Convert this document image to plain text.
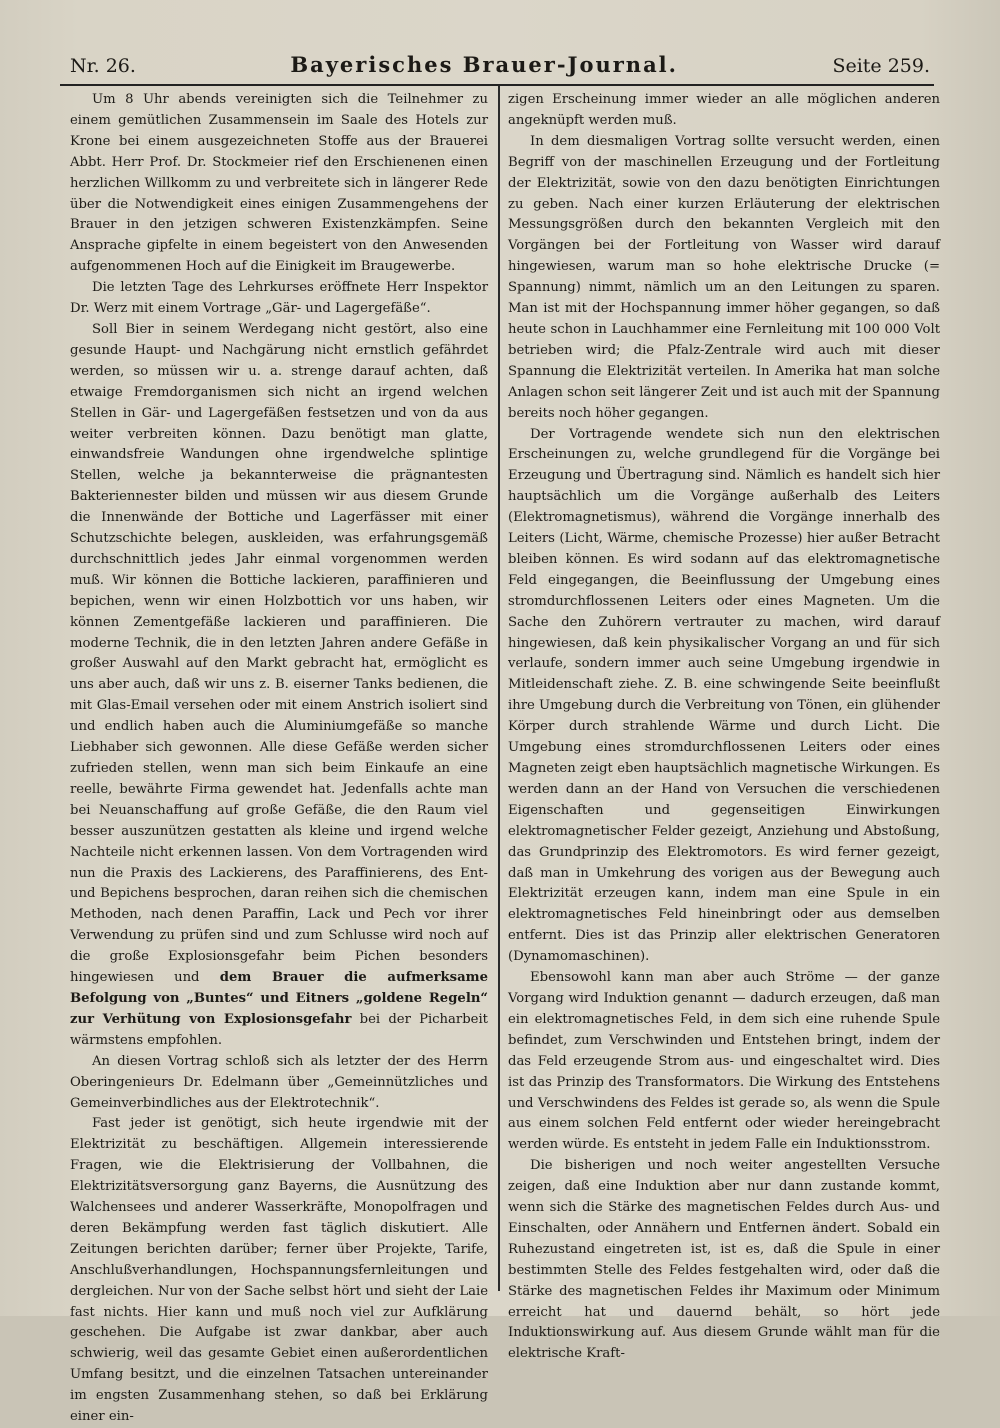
Nr. 26.	Bayerisches Brauer-Journal.	Seite 259.

Um 8 Uhr abends vereinigten sich die Teilnehmer zu einem gemütlichen Zusammensein im Saale des Hotels zur Krone bei einem ausgezeichneten Stoffe aus der Brauerei Abbt. Herr Prof. Dr. Stockmeier rief den Erschienenen einen herzlichen Willkomm zu und verbreitete sich in längerer Rede über die Notwendigkeit eines einigen Zusammengehens der Brauer in den jetzigen schweren Existenzkämpfen. Seine Ansprache gipfelte in einem begeistert von den Anwesenden aufgenommenen Hoch auf die Einigkeit im Braugewerbe.

Die letzten Tage des Lehrkurses eröffnete Herr Inspektor Dr. Werz mit einem Vortrage „Gär- und Lagergefäße“.

Soll Bier in seinem Werdegang nicht gestört, also eine gesunde Haupt- und Nachgärung nicht ernstlich gefährdet werden, so müssen wir u. a. strenge darauf achten, daß etwaige Fremdorganismen sich nicht an irgend welchen Stellen in Gär- und Lagergefäßen festsetzen und von da aus weiter verbreiten können. Dazu benötigt man glatte, einwandsfreie Wandungen ohne irgendwelche splintige Stellen, welche ja bekannterweise die prägnantesten Bakteriennester bilden und müssen wir aus diesem Grunde die Innenwände der Bottiche und Lagerfässer mit einer Schutzschichte belegen, auskleiden, was erfahrungsgemäß durchschnittlich jedes Jahr einmal vorgenommen werden muß. Wir können die Bottiche lackieren, paraffinieren und bepichen, wenn wir einen Holzbottich vor uns haben, wir können Zementgefäße lackieren und paraffinieren. Die moderne Technik, die in den letzten Jahren andere Gefäße in großer Auswahl auf den Markt gebracht hat, ermöglicht es uns aber auch, daß wir uns z. B. eiserner Tanks bedienen, die mit Glas-Email versehen oder mit einem Anstrich isoliert sind und endlich haben auch die Aluminiumgefäße so manche Liebhaber sich gewonnen. Alle diese Gefäße werden sicher zufrieden stellen, wenn man sich beim Einkaufe an eine reelle, bewährte Firma gewendet hat. Jedenfalls achte man bei Neuanschaffung auf große Gefäße, die den Raum viel besser auszunützen gestatten als kleine und irgend welche Nachteile nicht erkennen lassen. Von dem Vortragenden wird nun die Praxis des Lackierens, des Paraffinierens, des Ent- und Bepichens besprochen, daran reihen sich die chemischen Methoden, nach denen Paraffin, Lack und Pech vor ihrer Verwendung zu prüfen sind und zum Schlusse wird noch auf die große Explosionsgefahr beim Pichen besonders hingewiesen und dem Brauer die aufmerksame Befolgung von „Buntes“ und Eitners „goldene Regeln“ zur Verhütung von Explosionsgefahr bei der Picharbeit wärmstens empfohlen.

An diesen Vortrag schloß sich als letzter der des Herrn Oberingenieurs Dr. Edelmann über „Gemeinnützliches und Gemeinverbindliches aus der Elektrotechnik“.

Fast jeder ist genötigt, sich heute irgendwie mit der Elektrizität zu beschäftigen. Allgemein interessierende Fragen, wie die Elektrisierung der Vollbahnen, die Elektrizitätsversorgung ganz Bayerns, die Ausnützung des Walchensees und anderer Wasserkräfte, Monopolfragen und deren Bekämpfung werden fast täglich diskutiert. Alle Zeitungen berichten darüber; ferner über Projekte, Tarife, Anschlußverhandlungen, Hochspannungsfernleitungen und dergleichen. Nur von der Sache selbst hört und sieht der Laie fast nichts. Hier kann und muß noch viel zur Aufklärung geschehen. Die Aufgabe ist zwar dankbar, aber auch schwierig, weil das gesamte Gebiet einen außerordentlichen Umfang besitzt, und die einzelnen Tatsachen untereinander im engsten Zusammenhang stehen, so daß bei Erklärung einer ein-

zigen Erscheinung immer wieder an alle möglichen anderen angeknüpft werden muß.

In dem diesmaligen Vortrag sollte versucht werden, einen Begriff von der maschinellen Erzeugung und der Fortleitung der Elektrizität, sowie von den dazu benötigten Einrichtungen zu geben. Nach einer kurzen Erläuterung der elektrischen Messungsgrößen durch den bekannten Vergleich mit den Vorgängen bei der Fortleitung von Wasser wird darauf hingewiesen, warum man so hohe elektrische Drucke (= Spannung) nimmt, nämlich um an den Leitungen zu sparen. Man ist mit der Hochspannung immer höher gegangen, so daß heute schon in Lauchhammer eine Fernleitung mit 100 000 Volt betrieben wird; die Pfalz-Zentrale wird auch mit dieser Spannung die Elektrizität verteilen. In Amerika hat man solche Anlagen schon seit längerer Zeit und ist auch mit der Spannung bereits noch höher gegangen.

Der Vortragende wendete sich nun den elektrischen Erscheinungen zu, welche grundlegend für die Vorgänge bei Erzeugung und Übertragung sind. Nämlich es handelt sich hier hauptsächlich um die Vorgänge außerhalb des Leiters (Elektromagnetismus), während die Vorgänge innerhalb des Leiters (Licht, Wärme, chemische Prozesse) hier außer Betracht bleiben können. Es wird sodann auf das elektromagnetische Feld eingegangen, die Beeinflussung der Umgebung eines stromdurchflossenen Leiters oder eines Magneten. Um die Sache den Zuhörern vertrauter zu machen, wird darauf hingewiesen, daß kein physikalischer Vorgang an und für sich verlaufe, sondern immer auch seine Umgebung irgendwie in Mitleidenschaft ziehe. Z. B. eine schwingende Seite beeinflußt ihre Umgebung durch die Verbreitung von Tönen, ein glühender Körper durch strahlende Wärme und durch Licht. Die Umgebung eines stromdurchflossenen Leiters oder eines Magneten zeigt eben hauptsächlich magnetische Wirkungen. Es werden dann an der Hand von Versuchen die verschiedenen Eigenschaften und gegenseitigen Einwirkungen elektromagnetischer Felder gezeigt, Anziehung und Abstoßung, das Grundprinzip des Elektromotors. Es wird ferner gezeigt, daß man in Umkehrung des vorigen aus der Bewegung auch Elektrizität erzeugen kann, indem man eine Spule in ein elektromagnetisches Feld hineinbringt oder aus demselben entfernt. Dies ist das Prinzip aller elektrischen Generatoren (Dynamomaschinen).

Ebensowohl kann man aber auch Ströme — der ganze Vorgang wird Induktion genannt — dadurch erzeugen, daß man ein elektromagnetisches Feld, in dem sich eine ruhende Spule befindet, zum Verschwinden und Entstehen bringt, indem der das Feld erzeugende Strom aus- und eingeschaltet wird. Dies ist das Prinzip des Transformators. Die Wirkung des Entstehens und Verschwindens des Feldes ist gerade so, als wenn die Spule aus einem solchen Feld entfernt oder wieder hereingebracht werden würde. Es entsteht in jedem Falle ein Induktionsstrom.

Die bisherigen und noch weiter angestellten Versuche zeigen, daß eine Induktion aber nur dann zustande kommt, wenn sich die Stärke des magnetischen Feldes durch Aus- und Einschalten, oder Annähern und Entfernen ändert. Sobald ein Ruhezustand eingetreten ist, ist es, daß die Spule in einer bestimmten Stelle des Feldes festgehalten wird, oder daß die Stärke des magnetischen Feldes ihr Maximum oder Minimum erreicht hat und dauernd behält, so hört jede Induktionswirkung auf. Aus diesem Grunde wählt man für die elektrische Kraft-
